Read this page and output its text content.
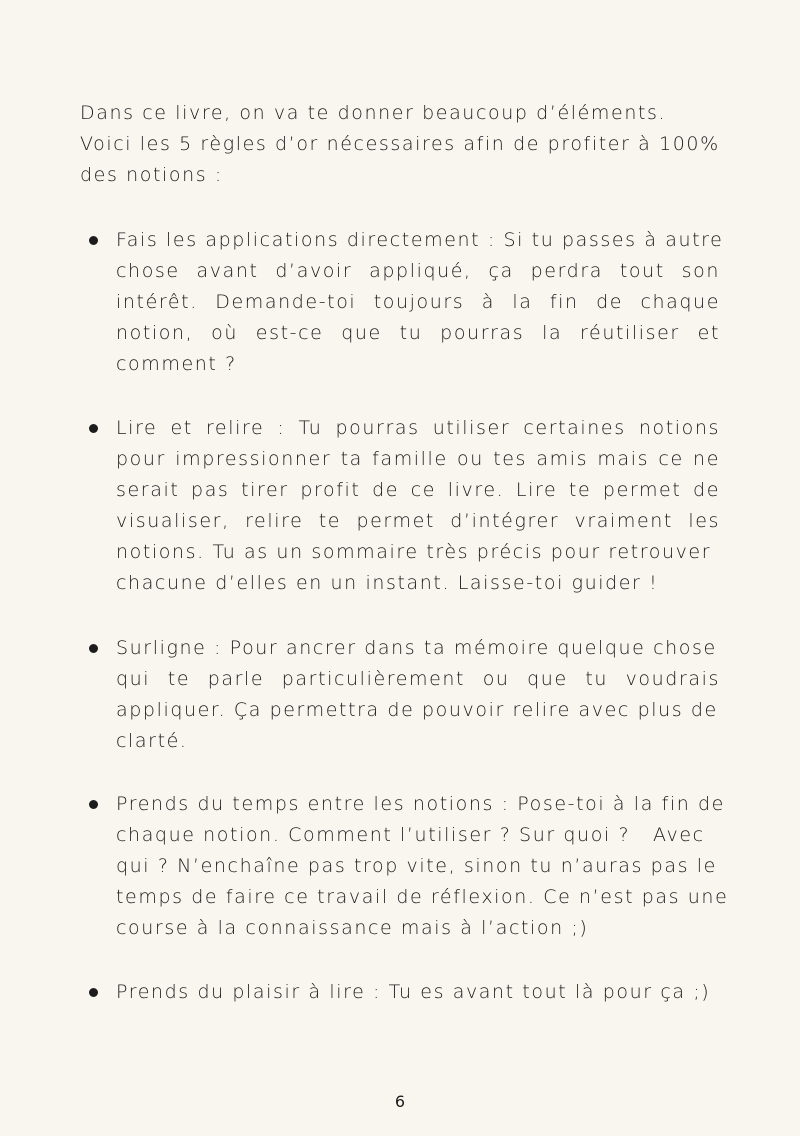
Dans ce livre, on va te donner beaucoup d’éléments.
Voici les 5 règles d’or nécessaires afin de profiter à 100%
des notions :
Fais les applications directement : Si tu passes à autre
chose avant d’avoir appliqué, ça perdra tout son
intérêt. Demande-toi toujours à la fin de chaque
notion, où est-ce que tu pourras la réutiliser et
comment ?
Lire et relire : Tu pourras utiliser certaines notions
pour impressionner ta famille ou tes amis mais ce ne
serait pas tirer profit de ce livre. Lire te permet de
visualiser, relire te permet d’intégrer vraiment les
notions. Tu as un sommaire très précis pour retrouver
chacune d’elles en un instant. Laisse-toi guider !
Surligne : Pour ancrer dans ta mémoire quelque chose
qui te parle particulièrement ou que tu voudrais
appliquer. Ça permettra de pouvoir relire avec plus de
clarté.
Prends du temps entre les notions : Pose-toi à la fin de
chaque notion. Comment l’utiliser ? Sur quoi ?   Avec
qui ? N’enchaîne pas trop vite, sinon tu n’auras pas le
temps de faire ce travail de réflexion. Ce n’est pas une
course à la connaissance mais à l’action ;)
Prends du plaisir à lire : Tu es avant tout là pour ça ;)
6
